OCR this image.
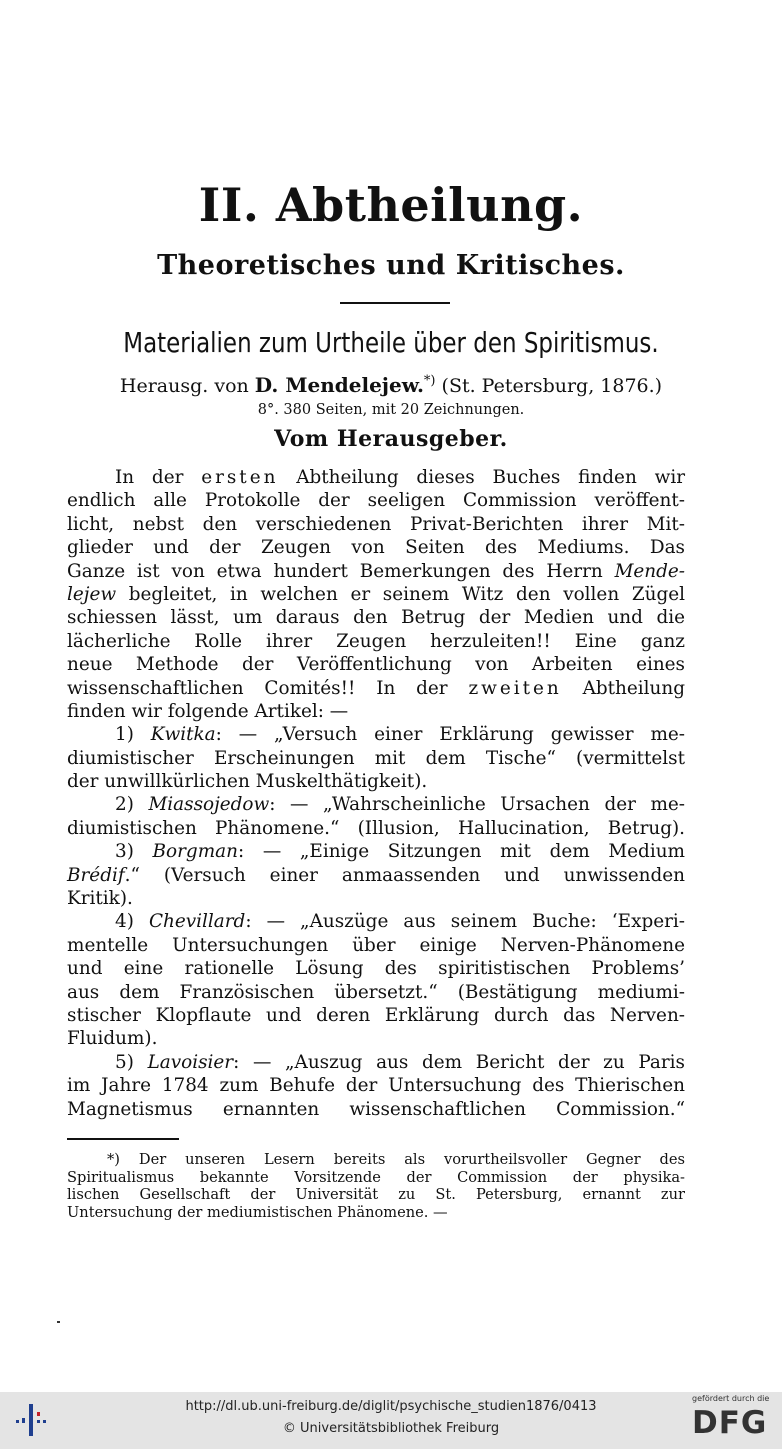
II. Abtheilung.
Theoretisches und Kritisches.
Materialien zum Urtheile über den Spiritismus.
Herausg. von D. Mendelejew.*) (St. Petersburg, 1876.)
8°. 380 Seiten, mit 20 Zeichnungen.
Vom Herausgeber.
In der ersten Abtheilung dieses Buches finden wir
endlich alle Protokolle der seeligen Commission veröffent-
licht, nebst den verschiedenen Privat-Berichten ihrer Mit-
glieder und der Zeugen von Seiten des Mediums. Das
Ganze ist von etwa hundert Bemerkungen des Herrn Mende-
lejew begleitet, in welchen er seinem Witz den vollen Zügel
schiessen lässt, um daraus den Betrug der Medien und die
lächerliche Rolle ihrer Zeugen herzuleiten!! Eine ganz
neue Methode der Veröffentlichung von Arbeiten eines
wissenschaftlichen Comités!! In der zweiten Abtheilung
finden wir folgende Artikel: —
1) Kwitka: — „Versuch einer Erklärung gewisser me-
diumistischer Erscheinungen mit dem Tische“ (vermittelst
der unwillkürlichen Muskelthätigkeit).
2) Miassojedow: — „Wahrscheinliche Ursachen der me-
diumistischen Phänomene.“ (Illusion, Hallucination, Betrug).
3) Borgman: — „Einige Sitzungen mit dem Medium
Brédif.“ (Versuch einer anmaassenden und unwissenden
Kritik).
4) Chevillard: — „Auszüge aus seinem Buche: ‘Experi-
mentelle Untersuchungen über einige Nerven-Phänomene
und eine rationelle Lösung des spiritistischen Problems’
aus dem Französischen übersetzt.“ (Bestätigung mediumi-
stischer Klopflaute und deren Erklärung durch das Nerven-
Fluidum).
5) Lavoisier: — „Auszug aus dem Bericht der zu Paris
im Jahre 1784 zum Behufe der Untersuchung des Thierischen
Magnetismus ernannten wissenschaftlichen Commission.“
*) Der unseren Lesern bereits als vorurtheilsvoller Gegner des
Spiritualismus bekannte Vorsitzende der Commission der physika-
lischen Gesellschaft der Universität zu St. Petersburg, ernannt zur
Untersuchung der mediumistischen Phänomene. —
http://dl.ub.uni-freiburg.de/diglit/psychische_studien1876/0413
© Universitätsbibliothek Freiburg
gefördert durch die
DFG
